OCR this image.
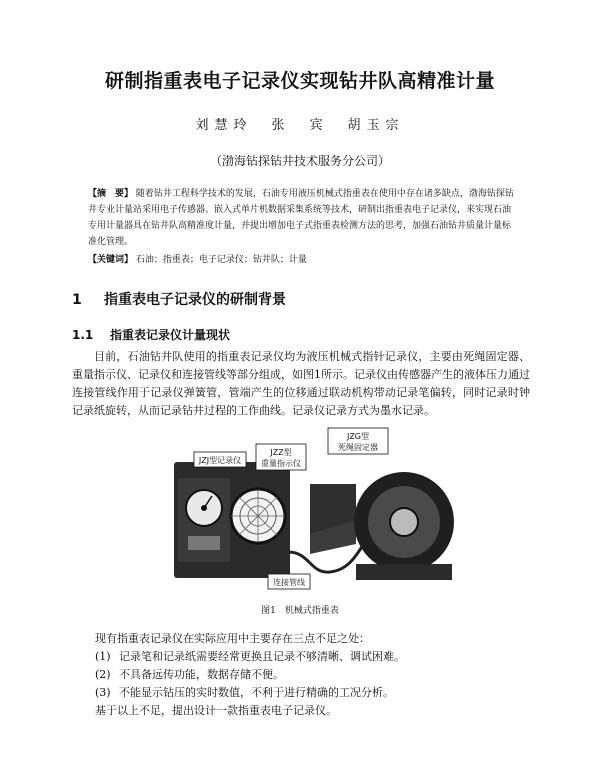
研制指重表电子记录仪实现钻井队高精准计量
刘慧玲　张　宾　胡玉宗
（渤海钻探钻井技术服务分公司）
【摘　要】 随着钻井工程科学技术的发展，石油专用液压机械式指重表在使用中存在诸多缺点，渤海钻探钻井专业计量站采用电子传感器、嵌入式单片机数据采集系统等技术，研制出指重表电子记录仪，来实现石油专用计量器具在钻井队高精准度计量，并提出增加电子式指重表检测方法的思考，加强石油钻井质量计量标准化管理。
【关键词】 石油；指重表；电子记录仪；钻井队；计量
1 指重表电子记录仪的研制背景
1.1 指重表记录仪计量现状
目前，石油钻井队使用的指重表记录仪均为液压机械式指针记录仪，主要由死绳固定器、重量指示仪、记录仪和连接管线等部分组成，如图1所示。记录仪由传感器产生的液体压力通过连接管线作用于记录仪弹簧管，管端产生的位移通过联动机构带动记录笔偏转，同时记录时钟记录纸旋转，从而记录钻井过程的工作曲线。记录仪记录方式为墨水记录。
JZJ型记录仪
JZZ型
重量指示仪
JZG型
死绳固定器
连接管线
图1　机械式指重表
现有指重表记录仪在实际应用中主要存在三点不足之处：
(1) 记录笔和记录纸需要经常更换且记录不够清晰、调试困难。
(2) 不具备远传功能，数据存储不便。
(3) 不能显示钻压的实时数值，不利于进行精确的工况分析。
基于以上不足，提出设计一款指重表电子记录仪。
